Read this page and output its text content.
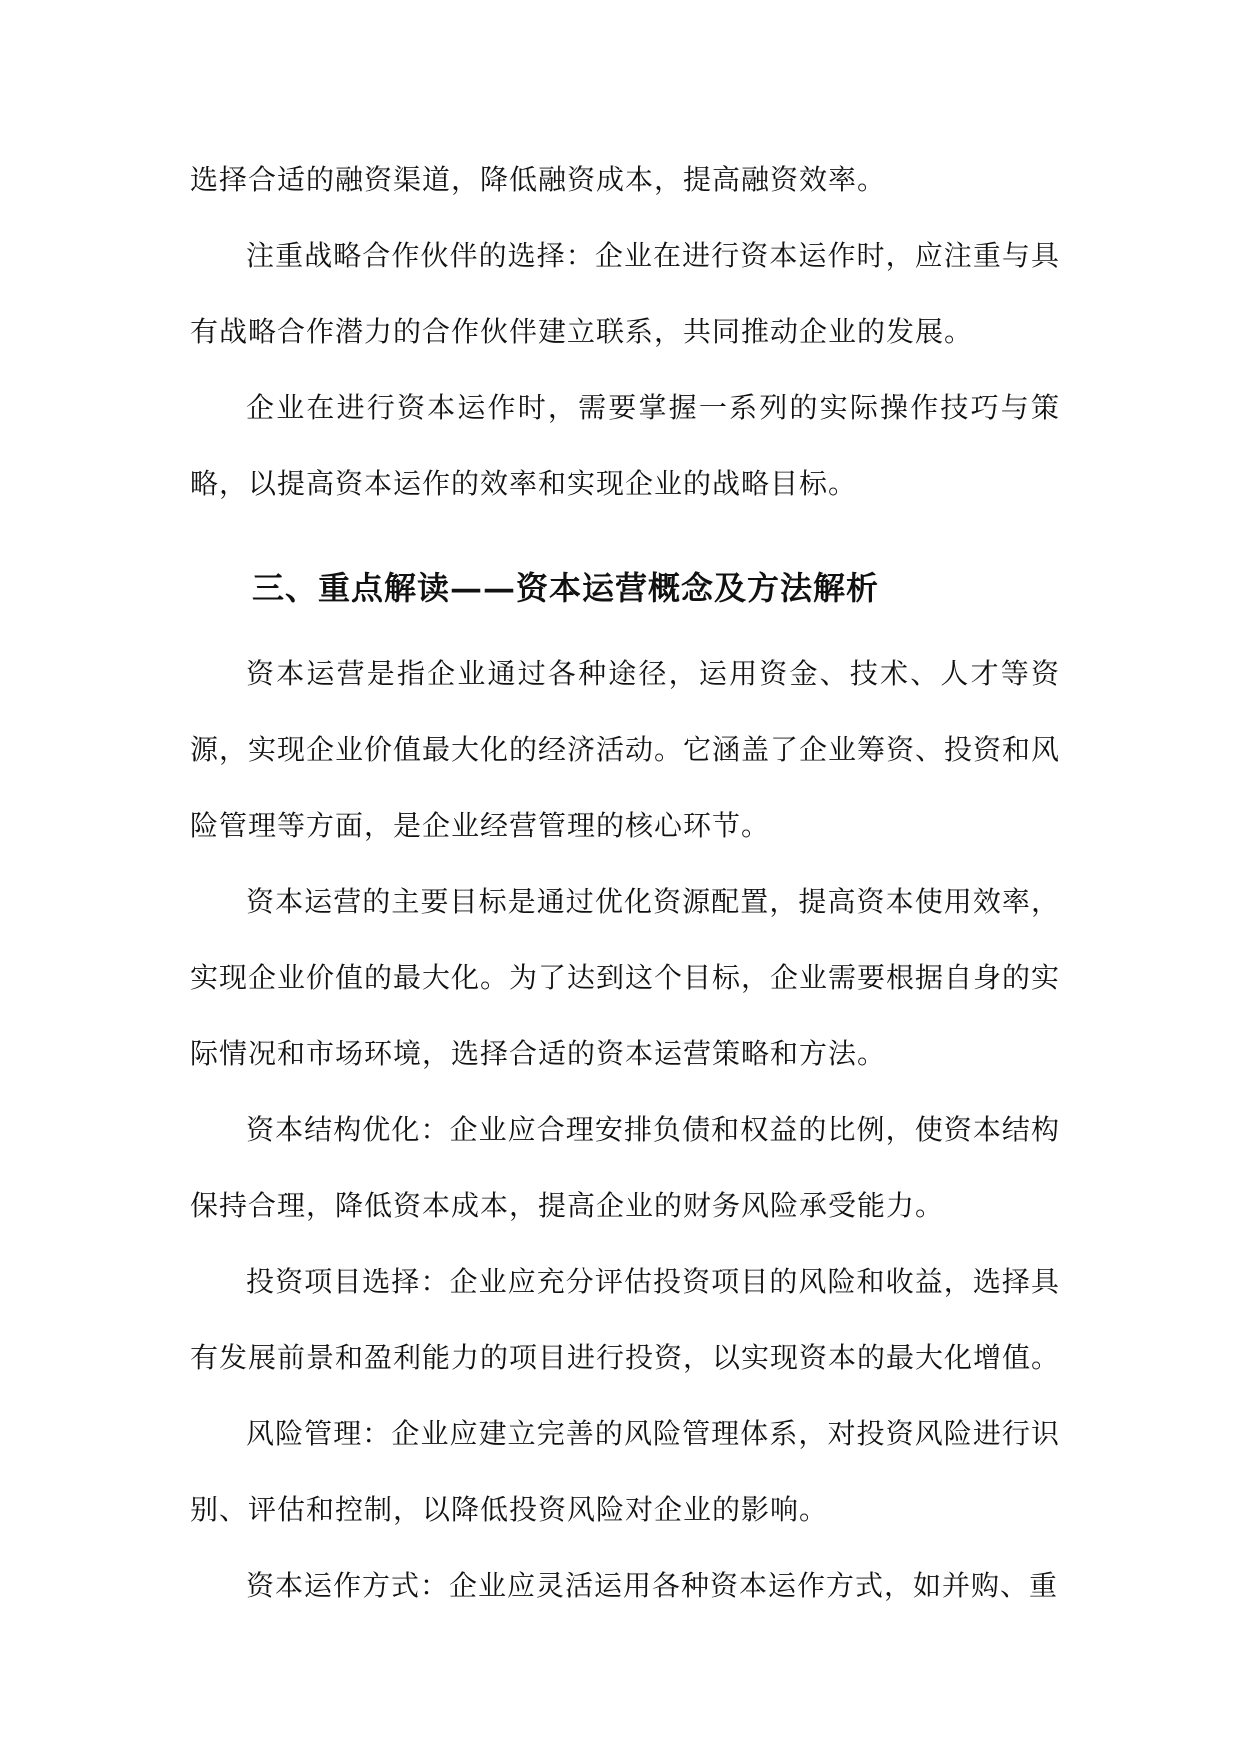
选择合适的融资渠道，降低融资成本，提高融资效率。

注重战略合作伙伴的选择：企业在进行资本运作时，应注重与具有战略合作潜力的合作伙伴建立联系，共同推动企业的发展。

企业在进行资本运作时，需要掌握一系列的实际操作技巧与策略，以提高资本运作的效率和实现企业的战略目标。

三、重点解读——资本运营概念及方法解析

资本运营是指企业通过各种途径，运用资金、技术、人才等资源，实现企业价值最大化的经济活动。它涵盖了企业筹资、投资和风险管理等方面，是企业经营管理的核心环节。

资本运营的主要目标是通过优化资源配置，提高资本使用效率，实现企业价值的最大化。为了达到这个目标，企业需要根据自身的实际情况和市场环境，选择合适的资本运营策略和方法。

资本结构优化：企业应合理安排负债和权益的比例，使资本结构保持合理，降低资本成本，提高企业的财务风险承受能力。

投资项目选择：企业应充分评估投资项目的风险和收益，选择具有发展前景和盈利能力的项目进行投资，以实现资本的最大化增值。

风险管理：企业应建立完善的风险管理体系，对投资风险进行识别、评估和控制，以降低投资风险对企业的影响。

资本运作方式：企业应灵活运用各种资本运作方式，如并购、重
